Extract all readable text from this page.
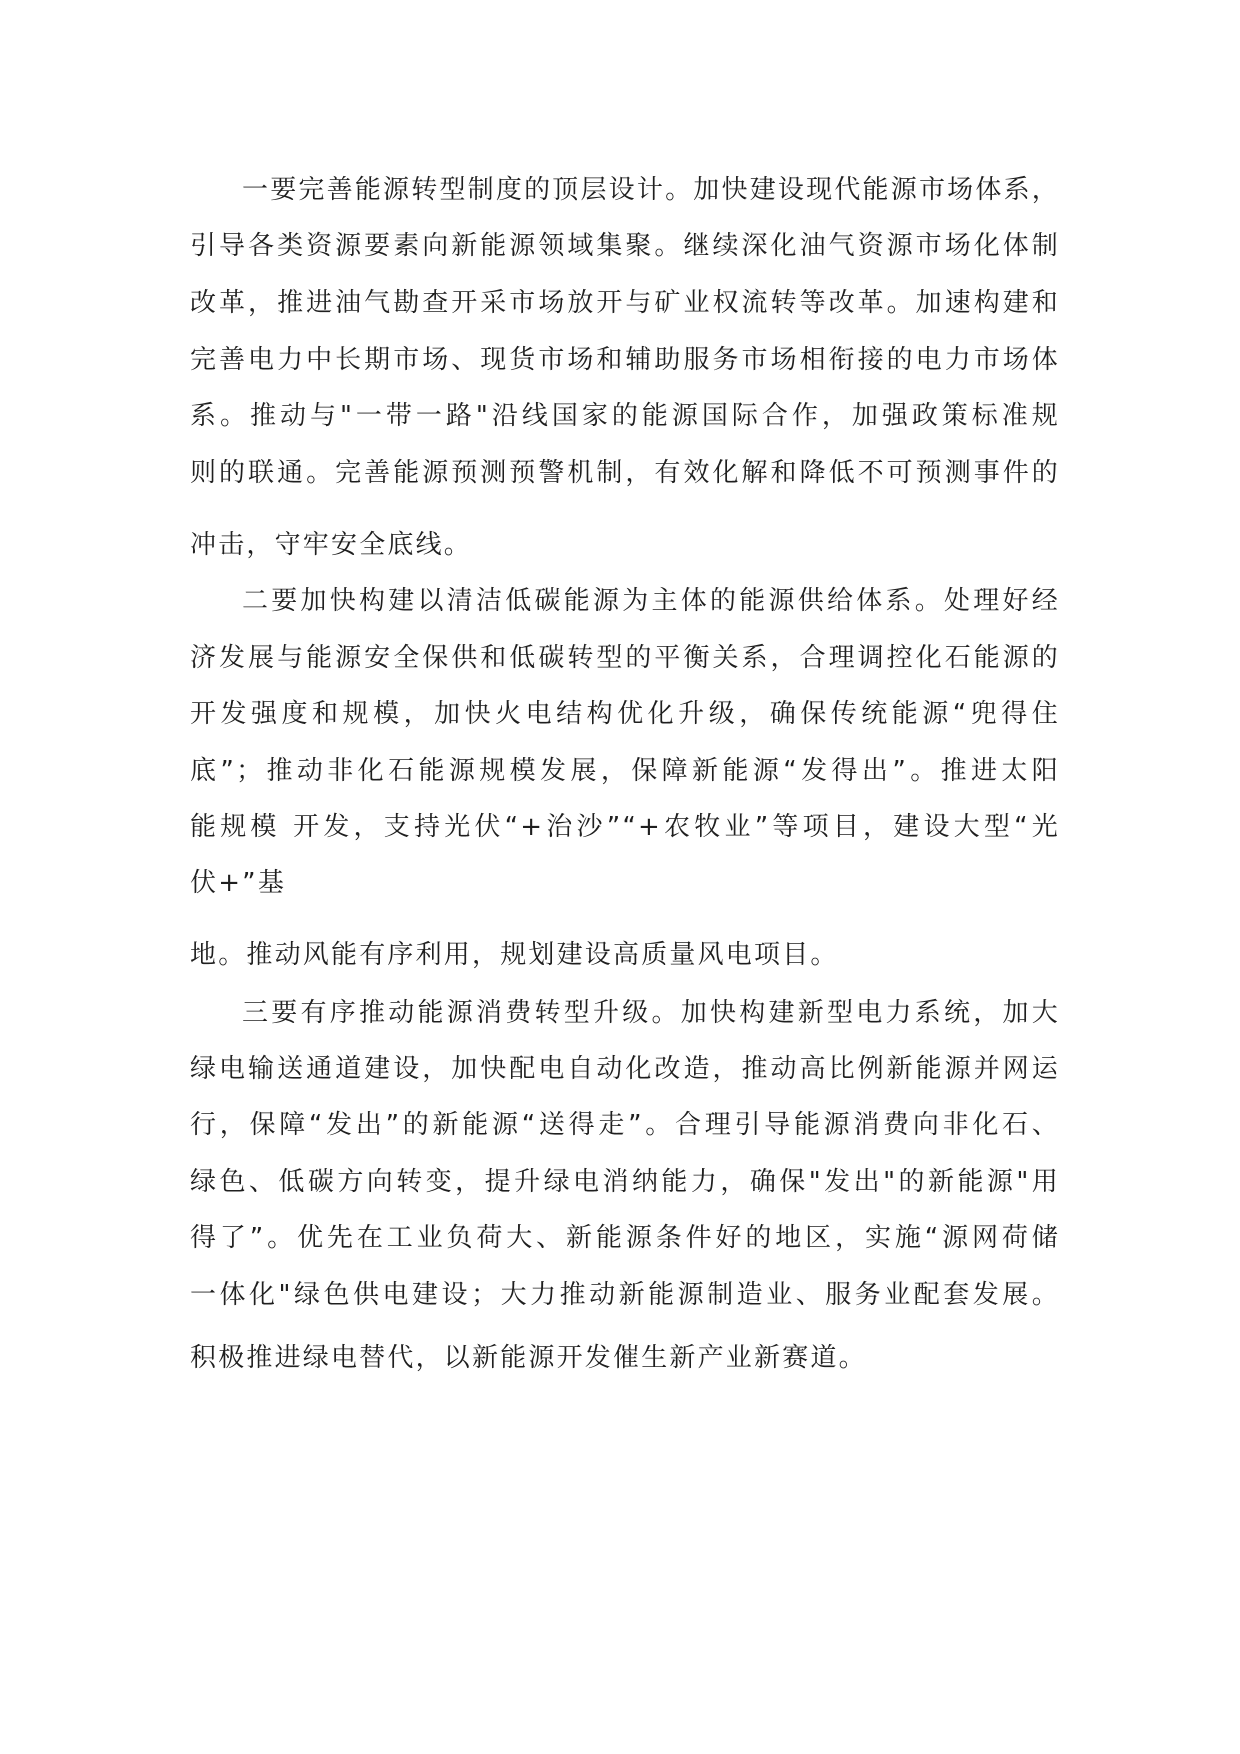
一要完善能源转型制度的顶层设计。加快建设现代能源市场体系，

引导各类资源要素向新能源领域集聚。继续深化油气资源市场化体制

改革，推进油气勘查开采市场放开与矿业权流转等改革。加速构建和

完善电力中长期市场、现货市场和辅助服务市场相衔接的电力市场体

系。推动与"一带一路"沿线国家的能源国际合作，加强政策标准规

则的联通。完善能源预测预警机制，有效化解和降低不可预测事件的

冲击，守牢安全底线。

二要加快构建以清洁低碳能源为主体的能源供给体系。处理好经

济发展与能源安全保供和低碳转型的平衡关系，合理调控化石能源的

开发强度和规模，加快火电结构优化升级，确保传统能源“兜得住

底”；推动非化石能源规模发展，保障新能源“发得出”。推进太阳

能规模 开发，支持光伏“+治沙”“+农牧业”等项目，建设大型“光

伏+”基

地。推动风能有序利用，规划建设高质量风电项目。

三要有序推动能源消费转型升级。加快构建新型电力系统，加大

绿电输送通道建设，加快配电自动化改造，推动高比例新能源并网运

行，保障“发出”的新能源“送得走”。合理引导能源消费向非化石、

绿色、低碳方向转变，提升绿电消纳能力，确保"发出"的新能源"用

得了”。优先在工业负荷大、新能源条件好的地区，实施“源网荷储

一体化"绿色供电建设；大力推动新能源制造业、服务业配套发展。

积极推进绿电替代，以新能源开发催生新产业新赛道。
